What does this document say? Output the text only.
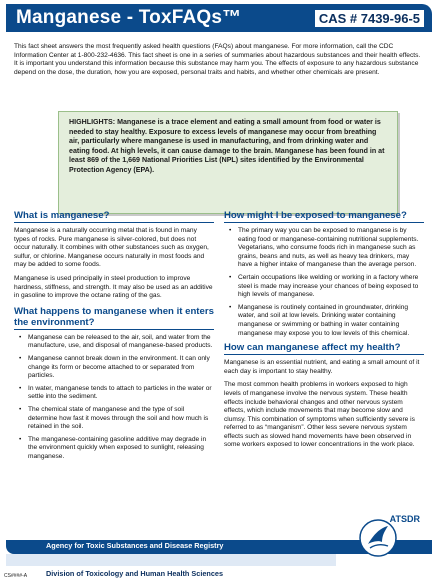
Manganese - ToxFAQs™	CAS # 7439-96-5
This fact sheet answers the most frequently asked health questions (FAQs) about manganese. For more information, call the CDC Information Center at 1-800-232-4636. This fact sheet is one in a series of summaries about hazardous substances and their health effects. It is important you understand this information because this substance may harm you. The effects of exposure to any hazardous substance depend on the dose, the duration, how you are exposed, personal traits and habits, and whether other chemicals are present.
HIGHLIGHTS: Manganese is a trace element and eating a small amount from food or water is needed to stay healthy. Exposure to excess levels of manganese may occur from breathing air, particularly where manganese is used in manufacturing, and from drinking water and eating food. At high levels, it can cause damage to the brain. Manganese has been found in at least 869 of the 1,669 National Priorities List (NPL) sites identified by the Environmental Protection Agency (EPA).
What is manganese?

Manganese is a naturally occurring metal that is found in many types of rocks. Pure manganese is silver-colored, but does not occur naturally. It combines with other substances such as oxygen, sulfur, or chlorine. Manganese occurs naturally in most foods and may be added to some foods.

Manganese is used principally in steel production to improve hardness, stiffness, and strength. It may also be used as an additive in gasoline to improve the octane rating of the gas.

What happens to manganese when it enters the environment?
• Manganese can be released to the air, soil, and water from the manufacture, use, and disposal of manganese-based products.
• Manganese cannot break down in the environment. It can only change its form or become attached to or separated from particles.
• In water, manganese tends to attach to particles in the water or settle into the sediment.
• The chemical state of manganese and the type of soil determine how fast it moves through the soil and how much is retained in the soil.
• The manganese-containing gasoline additive may degrade in the environment quickly when exposed to sunlight, releasing manganese.
How might I be exposed to manganese?
• The primary way you can be exposed to manganese is by eating food or manganese-containing nutritional supplements. Vegetarians, who consume foods rich in manganese such as grains, beans and nuts, as well as heavy tea drinkers, may have a higher intake of manganese than the average person.
• Certain occupations like welding or working in a factory where steel is made may increase your chances of being exposed to high levels of manganese.
• Manganese is routinely contained in groundwater, drinking water, and soil at low levels. Drinking water containing manganese or swimming or bathing in water containing manganese may expose you to low levels of this chemical.
How can manganese affect my health?

Manganese is an essential nutrient, and eating a small amount of it each day is important to stay healthy.

The most common health problems in workers exposed to high levels of manganese involve the nervous system. These health effects include behavioral changes and other nervous system effects, which include movements that may become slow and clumsy. This combination of symptoms when sufficiently severe is referred to as “manganism”. Other less severe nervous system effects such as slowed hand movements have been observed in some workers exposed to lower concentrations in the work place.

Agency for Toxic Substances and Disease Registry
Division of Toxicology and Human Health Sciences
ATSDR
CS####-A
